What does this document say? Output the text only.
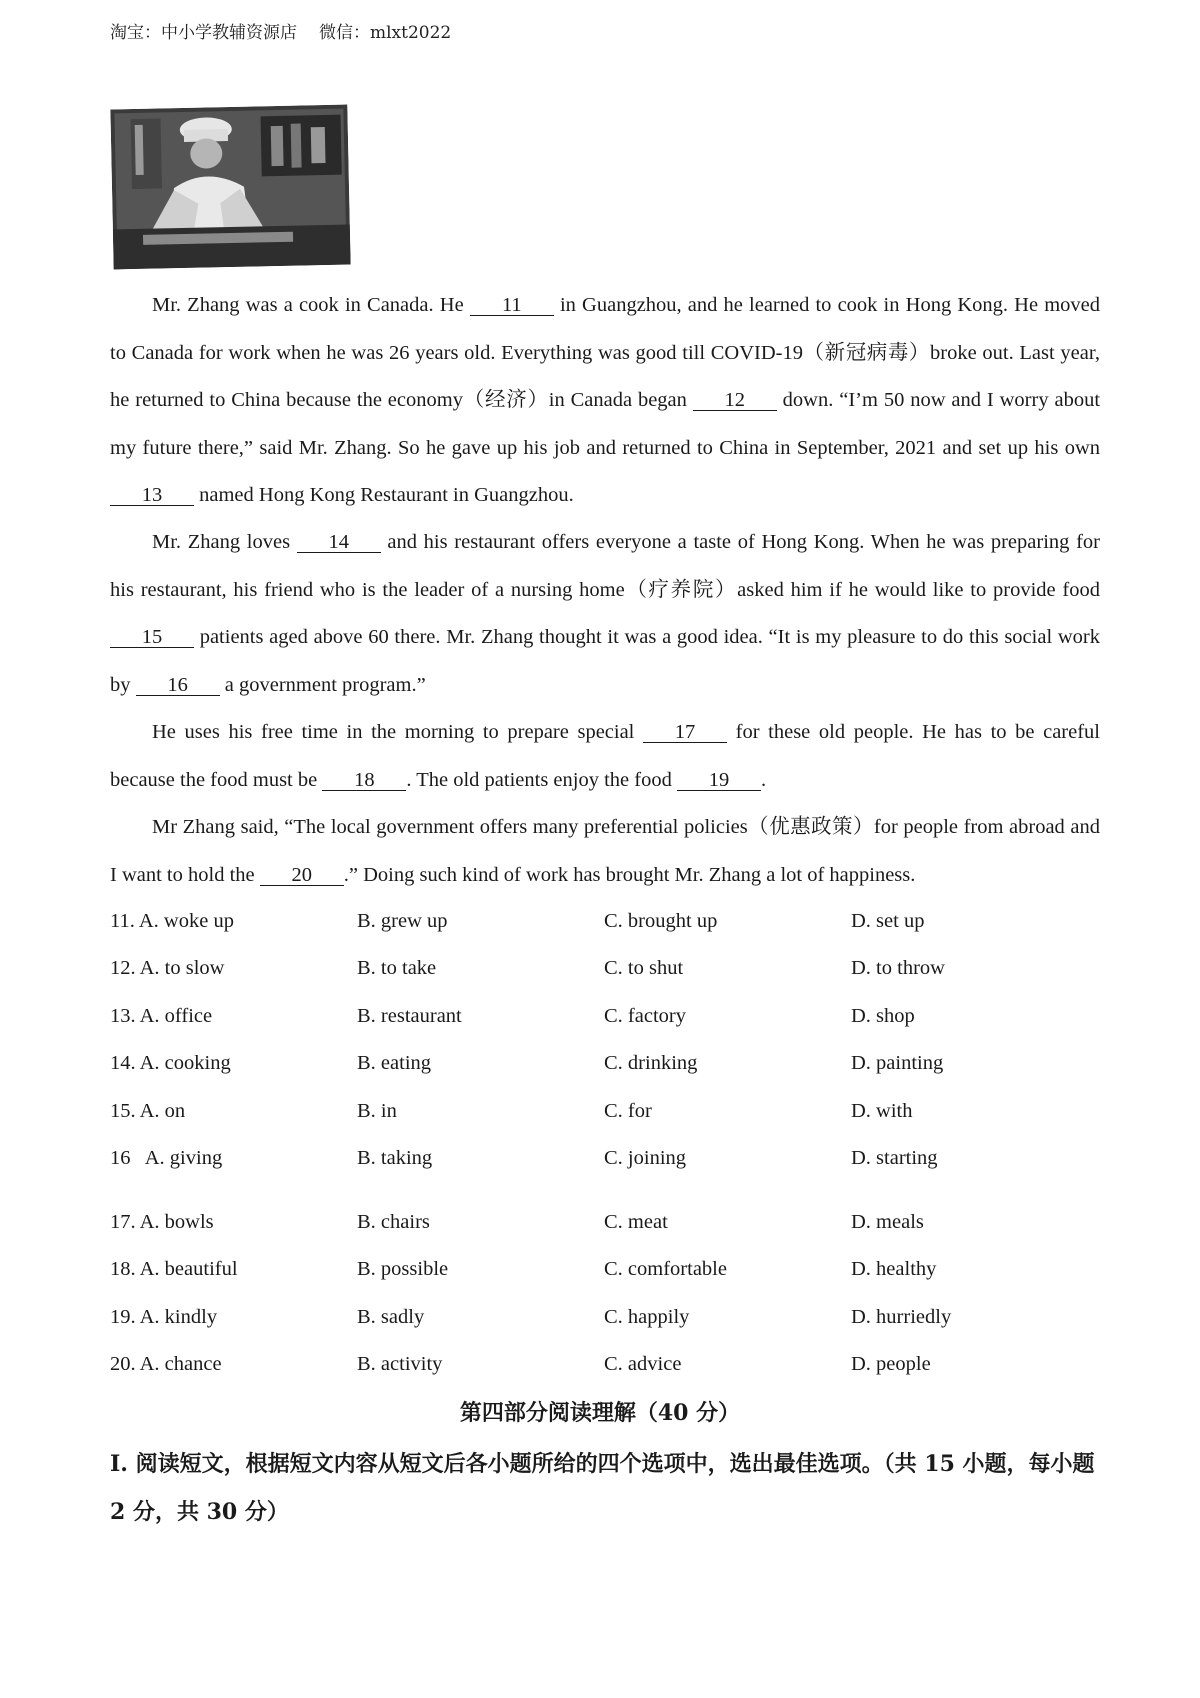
淘宝：中小学教辅资源店 微信：mlxt2022

Mr. Zhang was a cook in Canada. He 11 in Guangzhou, and he learned to cook in Hong Kong. He moved to Canada for work when he was 26 years old. Everything was good till COVID-19（新冠病毒）broke out. Last year, he returned to China because the economy（经济）in Canada began 12 down. “I’m 50 now and I worry about my future there,” said Mr. Zhang. So he gave up his job and returned to China in September, 2021 and set up his own 13 named Hong Kong Restaurant in Guangzhou.

Mr. Zhang loves 14 and his restaurant offers everyone a taste of Hong Kong. When he was preparing for his restaurant, his friend who is the leader of a nursing home（疗养院）asked him if he would like to provide food 15 patients aged above 60 there. Mr. Zhang thought it was a good idea. “It is my pleasure to do this social work by 16 a government program.”

He uses his free time in the morning to prepare special 17 for these old people. He has to be careful because the food must be 18 . The old patients enjoy the food 19 .

Mr Zhang said, “The local government offers many preferential policies（优惠政策）for people from abroad and I want to hold the 20 .” Doing such kind of work has brought Mr. Zhang a lot of happiness.

11. A. woke up	B. grew up	C. brought up	D. set up
12. A. to slow	B. to take	C. to shut	D. to throw
13. A. office	B. restaurant	C. factory	D. shop
14. A. cooking	B. eating	C. drinking	D. painting
15. A. on	B. in	C. for	D. with
16   A. giving	B. taking	C. joining	D. starting
17. A. bowls	B. chairs	C. meat	D. meals
18. A. beautiful	B. possible	C. comfortable	D. healthy
19. A. kindly	B. sadly	C. happily	D. hurriedly
20. A. chance	B. activity	C. advice	D. people
第四部分阅读理解（40 分）
I. 阅读短文，根据短文内容从短文后各小题所给的四个选项中，选出最佳选项。（共 15 小题，每小题 2 分，共 30 分）
